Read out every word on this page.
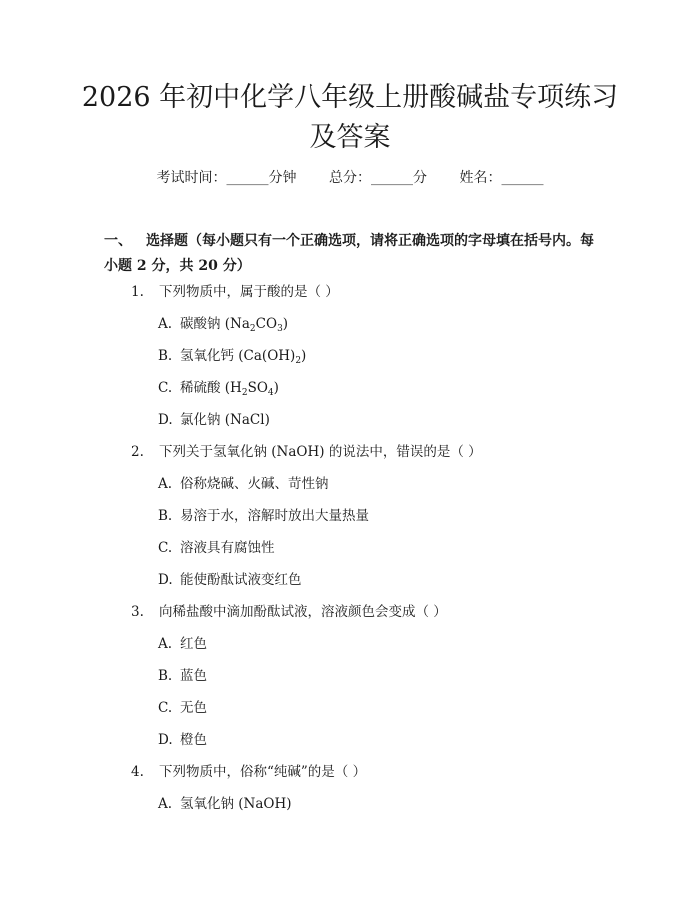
2026 年初中化学八年级上册酸碱盐专项练习
及答案
考试时间：______分钟 总分：______分 姓名：______
一、 选择题（每小题只有一个正确选项，请将正确选项的字母填在括号内。每小题 2 分，共 20 分）
1. 下列物质中，属于酸的是（ ）
A. 碳酸钠 $(Na_2CO_3)$
B. 氢氧化钙 $(Ca(OH)_2)$
C. 稀硫酸 $(H_2SO_4)$
D. 氯化钠 (NaCl)
2. 下列关于氢氧化钠 (NaOH) 的说法中，错误的是（ ）
A. 俗称烧碱、火碱、苛性钠
B. 易溶于水，溶解时放出大量热量
C. 溶液具有腐蚀性
D. 能使酚酞试液变红色
3. 向稀盐酸中滴加酚酞试液，溶液颜色会变成（ ）
A. 红色
B. 蓝色
C. 无色
D. 橙色
4. 下列物质中，俗称“纯碱”的是（ ）
A. 氢氧化钠 (NaOH)
